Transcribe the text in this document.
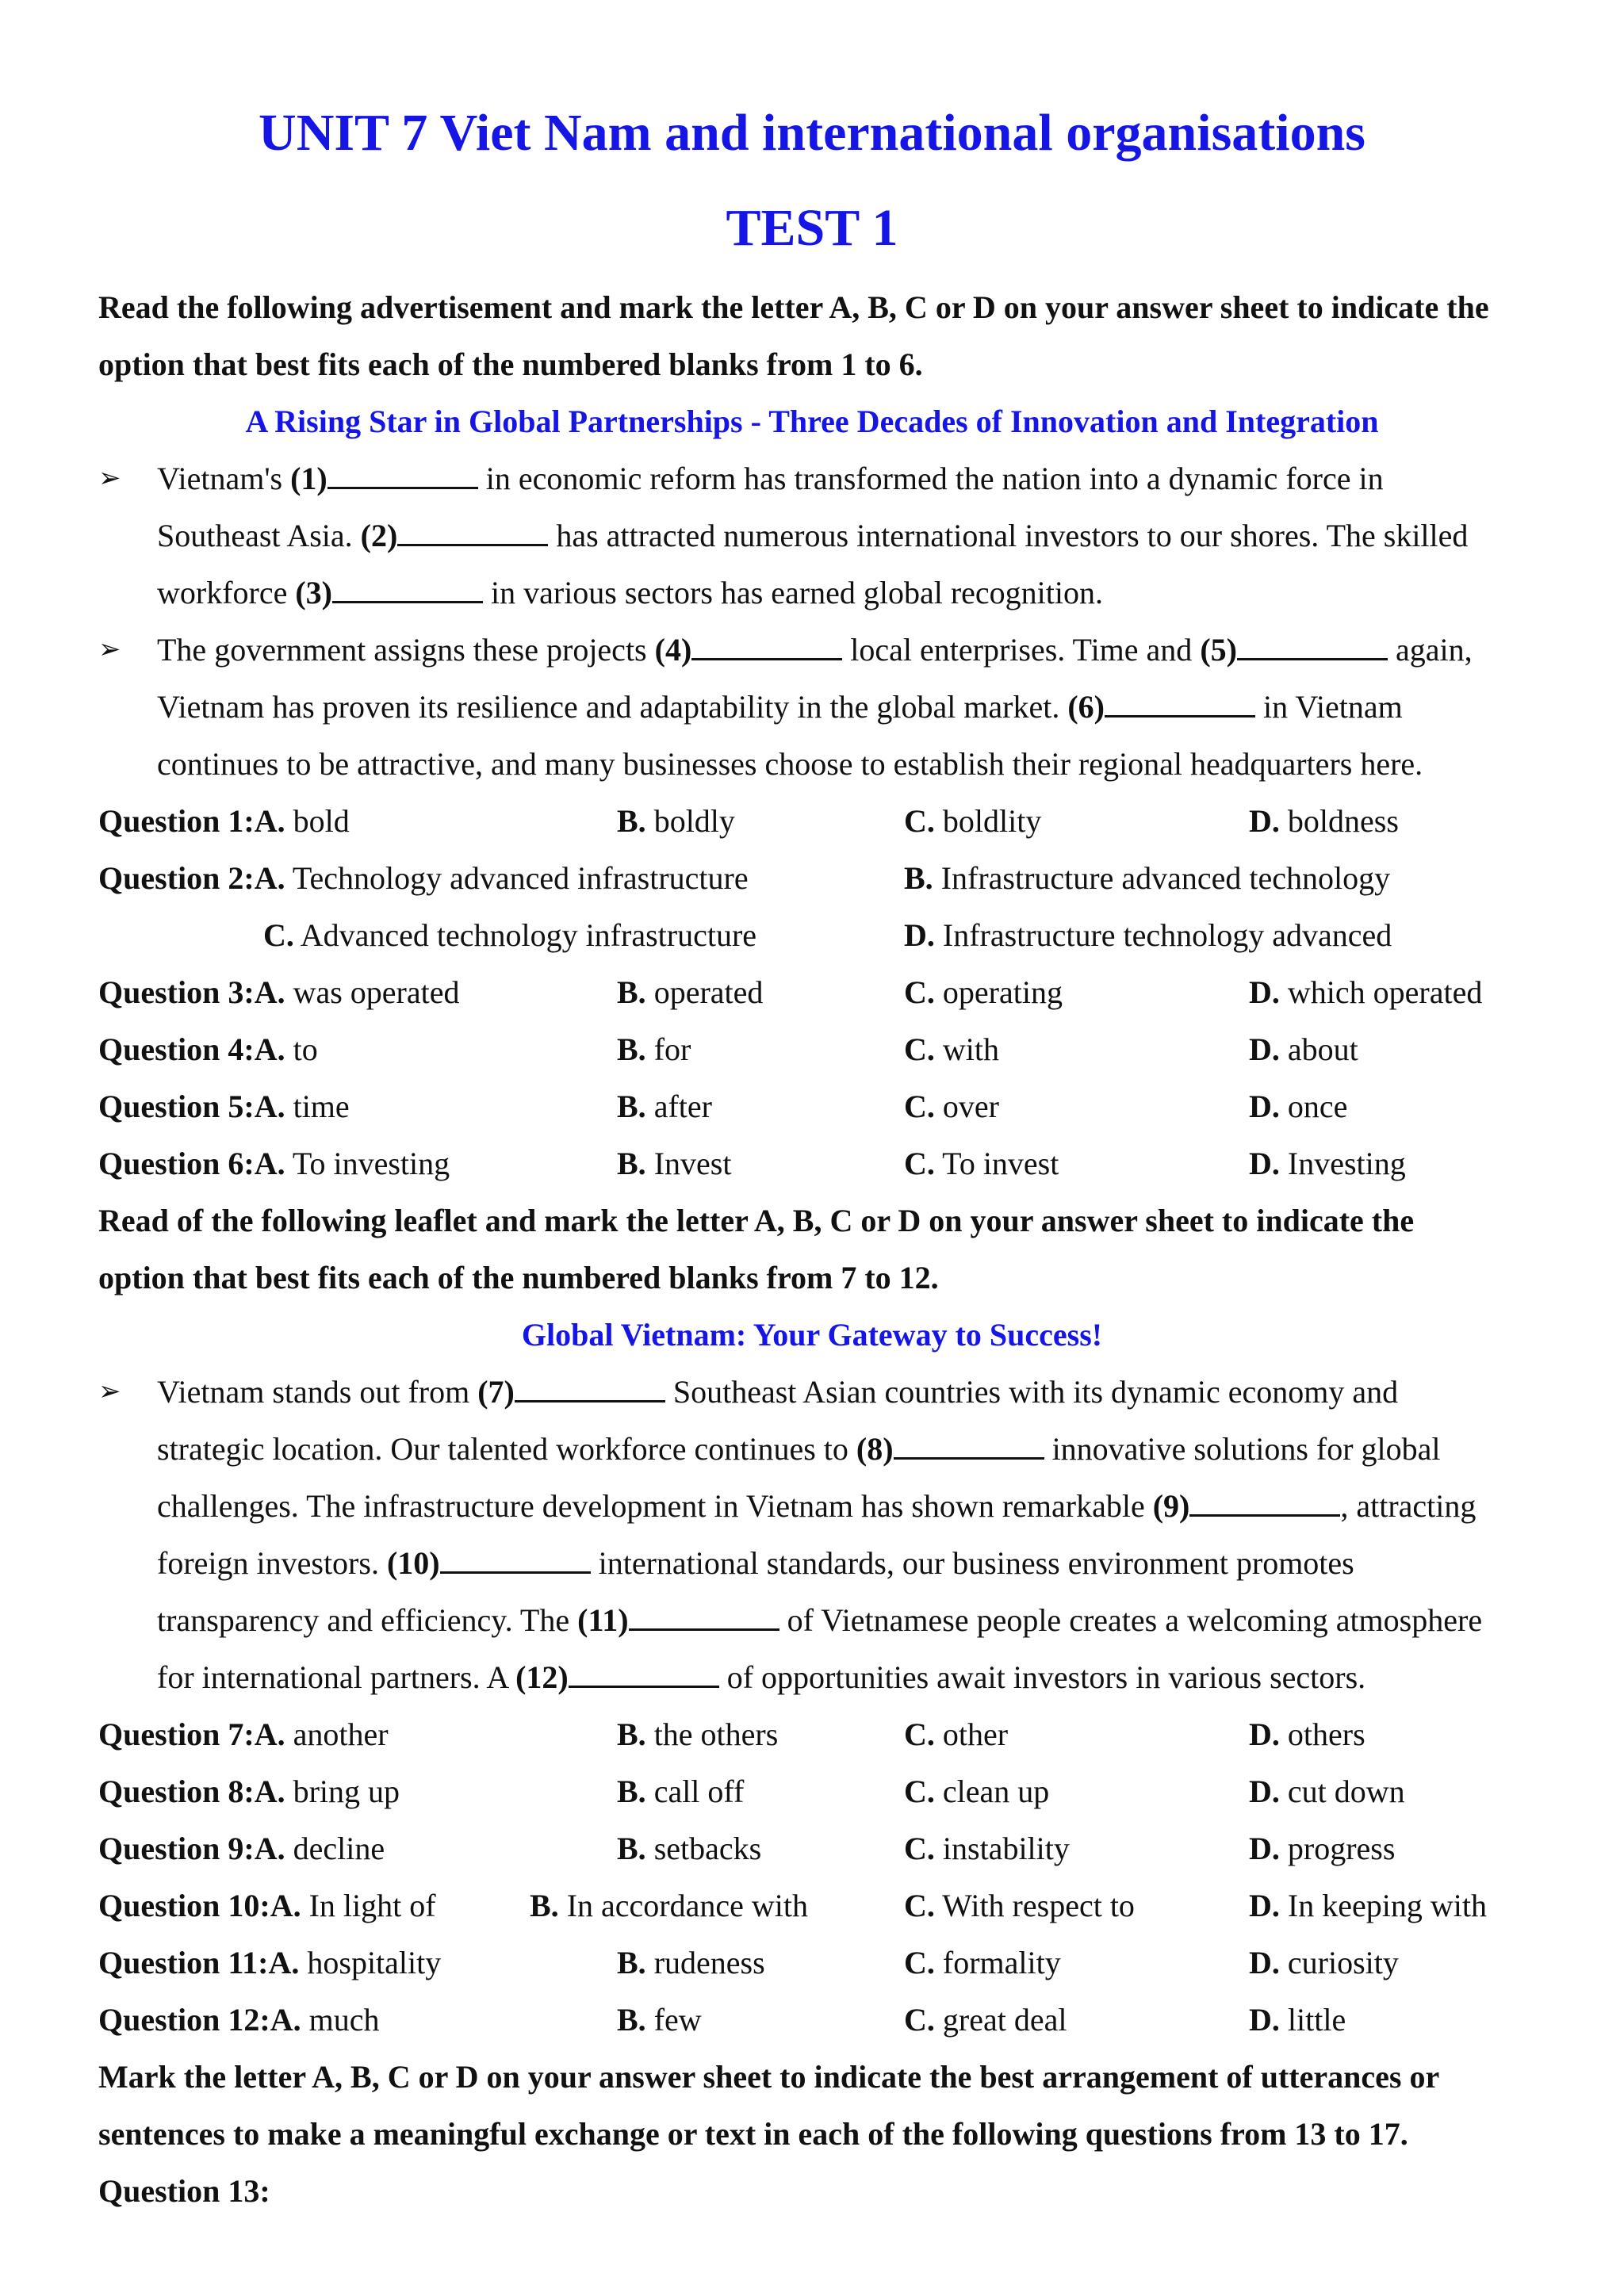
UNIT 7 Viet Nam and international organisations
TEST 1
Read the following advertisement and mark the letter A, B, C or D on your answer sheet to indicate the
option that best fits each of the numbered blanks from 1 to 6.
A Rising Star in Global Partnerships - Three Decades of Innovation and Integration
➢ Vietnam's (1)	in economic reform has transformed the nation into a dynamic force in
Southeast Asia. (2)	has attracted numerous international investors to our shores. The skilled
workforce (3)	in various sectors has earned global recognition.
➢ The government assigns these projects (4)	local enterprises. Time and (5)	again,
Vietnam has proven its resilience and adaptability in the global market. (6)	in Vietnam
continues to be attractive, and many businesses choose to establish their regional headquarters here.
Question 1:A. bold	B. boldly	C. boldlity	D. boldness
Question 2:A. Technology advanced infrastructure	B. Infrastructure advanced technology
C. Advanced technology infrastructure	D. Infrastructure technology advanced
Question 3:A. was operated	B. operated	C. operating	D. which operated
Question 4:A. to	B. for	C. with	D. about
Question 5:A. time	B. after	C. over	D. once
Question 6:A. To investing	B. Invest	C. To invest	D. Investing
Read of the following leaflet and mark the letter A, B, C or D on your answer sheet to indicate the
option that best fits each of the numbered blanks from 7 to 12.
Global Vietnam: Your Gateway to Success!
➢ Vietnam stands out from (7)	Southeast Asian countries with its dynamic economy and
strategic location. Our talented workforce continues to (8)	innovative solutions for global
challenges. The infrastructure development in Vietnam has shown remarkable (9)	, attracting
foreign investors. (10)	international standards, our business environment promotes
transparency and efficiency. The (11)	of Vietnamese people creates a welcoming atmosphere
for international partners. A (12)	of opportunities await investors in various sectors.
Question 7:A. another	B. the others	C. other	D. others
Question 8:A. bring up	B. call off	C. clean up	D. cut down
Question 9:A. decline	B. setbacks	C. instability	D. progress
Question 10:A. In light of	B. In accordance with	C. With respect to	D. In keeping with
Question 11:A. hospitality	B. rudeness	C. formality	D. curiosity
Question 12:A. much	B. few	C. great deal	D. little
Mark the letter A, B, C or D on your answer sheet to indicate the best arrangement of utterances or
sentences to make a meaningful exchange or text in each of the following questions from 13 to 17.
Question 13:
